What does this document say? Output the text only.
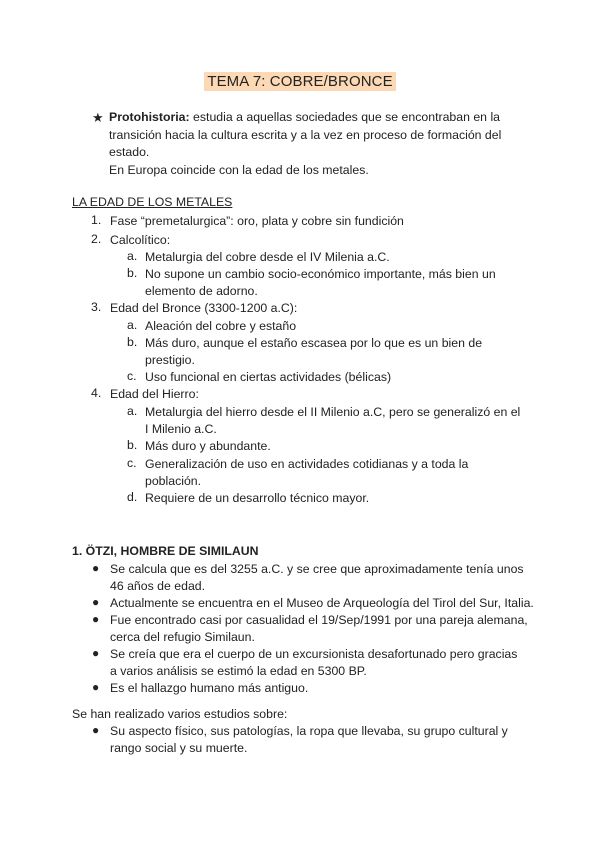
TEMA 7: COBRE/BRONCE
★ Protohistoria: estudia a aquellas sociedades que se encontraban en la transición hacia la cultura escrita y a la vez en proceso de formación del estado.
En Europa coincide con la edad de los metales.
LA EDAD DE LOS METALES
1. Fase “premetalurgica”: oro, plata y cobre sin fundición
2. Calcolítico:
a. Metalurgia del cobre desde el IV Milenia a.C.
b. No supone un cambio socio-económico importante, más bien un elemento de adorno.
3. Edad del Bronce (3300-1200 a.C):
a. Aleación del cobre y estaño
b. Más duro, aunque el estaño escasea por lo que es un bien de prestigio.
c. Uso funcional en ciertas actividades (bélicas)
4. Edad del Hierro:
a. Metalurgia del hierro desde el II Milenio a.C, pero se generalizó en el I Milenio a.C.
b. Más duro y abundante.
c. Generalización de uso en actividades cotidianas y a toda la población.
d. Requiere de un desarrollo técnico mayor.
1. ÖTZI, HOMBRE DE SIMILAUN
● Se calcula que es del 3255 a.C. y se cree que aproximadamente tenía unos 46 años de edad.
● Actualmente se encuentra en el Museo de Arqueología del Tirol del Sur, Italia.
● Fue encontrado casi por casualidad el 19/Sep/1991 por una pareja alemana, cerca del refugio Similaun.
● Se creía que era el cuerpo de un excursionista desafortunado pero gracias a varios análisis se estimó la edad en 5300 BP.
● Es el hallazgo humano más antiguo.
Se han realizado varios estudios sobre:
● Su aspecto físico, sus patologías, la ropa que llevaba, su grupo cultural y rango social y su muerte.
